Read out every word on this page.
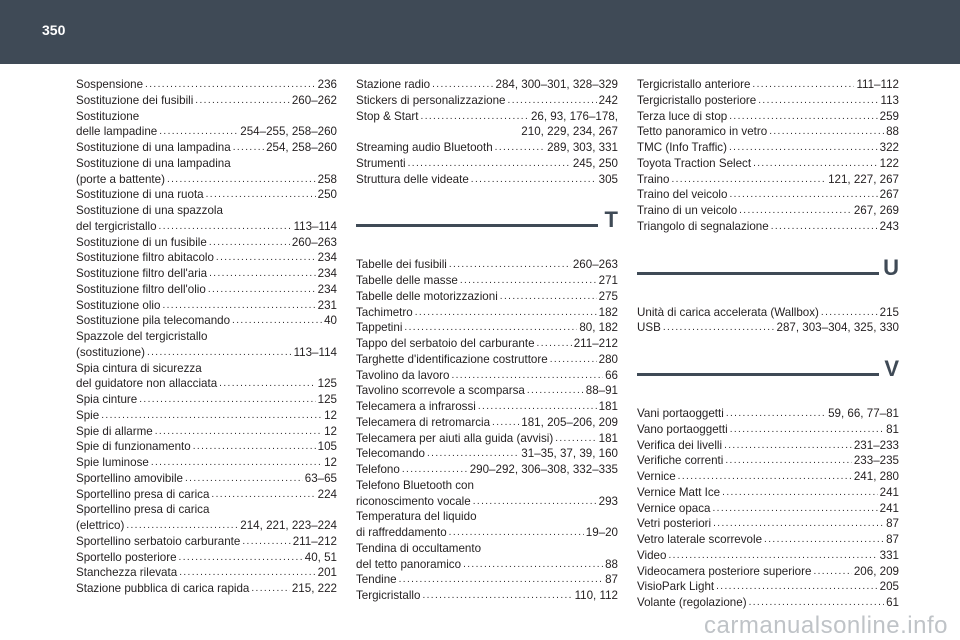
350
Sospensione .....	236
Sostituzione dei fusibili .....	260–262
Sostituzione
delle lampadine .....	254–255, 258–260
Sostituzione di una lampadina .....	254, 258–260
Sostituzione di una lampadina
(porte a battente) .....	258
Sostituzione di una ruota .....	250
Sostituzione di una spazzola
del tergicristallo .....	113–114
Sostituzione di un fusibile .....	260–263
Sostituzione filtro abitacolo .....	234
Sostituzione filtro dell'aria .....	234
Sostituzione filtro dell'olio .....	234
Sostituzione olio .....	231
Sostituzione pila telecomando .....	40
Spazzole del tergicristallo
(sostituzione) .....	113–114
Spia cintura di sicurezza
del guidatore non allacciata .....	125
Spia cinture .....	125
Spie .....	12
Spie di allarme .....	12
Spie di funzionamento .....	105
Spie luminose .....	12
Sportellino amovibile .....	63–65
Sportellino presa di carica .....	224
Sportellino presa di carica
(elettrico) .....	214, 221, 223–224
Sportellino serbatoio carburante .....	211–212
Sportello posteriore .....	40, 51
Stanchezza rilevata .....	201
Stazione pubblica di carica rapida .....	215, 222
Stazione radio .....	284, 300–301, 328–329
Stickers di personalizzazione .....	242
Stop & Start .....	26, 93, 176–178,
210, 229, 234, 267
Streaming audio Bluetooth .....	289, 303, 331
Strumenti .....	245, 250
Struttura delle videate .....	305
T
Tabelle dei fusibili .....	260–263
Tabelle delle masse .....	271
Tabelle delle motorizzazioni .....	275
Tachimetro .....	182
Tappetini .....	80, 182
Tappo del serbatoio del carburante .....	211–212
Targhette d'identificazione costruttore .....	280
Tavolino da lavoro .....	66
Tavolino scorrevole a scomparsa .....	88–91
Telecamera a infrarossi .....	181
Telecamera di retromarcia .....	181, 205–206, 209
Telecamera per aiuti alla guida (avvisi) .....	181
Telecomando .....	31–35, 37, 39, 160
Telefono .....	290–292, 306–308, 332–335
Telefono Bluetooth con
riconoscimento vocale .....	293
Temperatura del liquido
di raffreddamento .....	19–20
Tendina di occultamento
del tetto panoramico .....	88
Tendine .....	87
Tergicristallo .....	110, 112
Tergicristallo anteriore .....	111–112
Tergicristallo posteriore .....	113
Terza luce di stop .....	259
Tetto panoramico in vetro .....	88
TMC (Info Traffic) .....	322
Toyota Traction Select .....	122
Traino .....	121, 227, 267
Traino del veicolo .....	267
Traino di un veicolo .....	267, 269
Triangolo di segnalazione .....	243
U
Unità di carica accelerata (Wallbox) .....	215
USB .....	287, 303–304, 325, 330
V
Vani portaoggetti .....	59, 66, 77–81
Vano portaoggetti .....	81
Verifica dei livelli .....	231–233
Verifiche correnti .....	233–235
Vernice .....	241, 280
Vernice Matt Ice .....	241
Vernice opaca .....	241
Vetri posteriori .....	87
Vetro laterale scorrevole .....	87
Video .....	331
Videocamera posteriore superiore .....	206, 209
VisioPark Light .....	205
Volante (regolazione) .....	61
carmanualsonline.info
